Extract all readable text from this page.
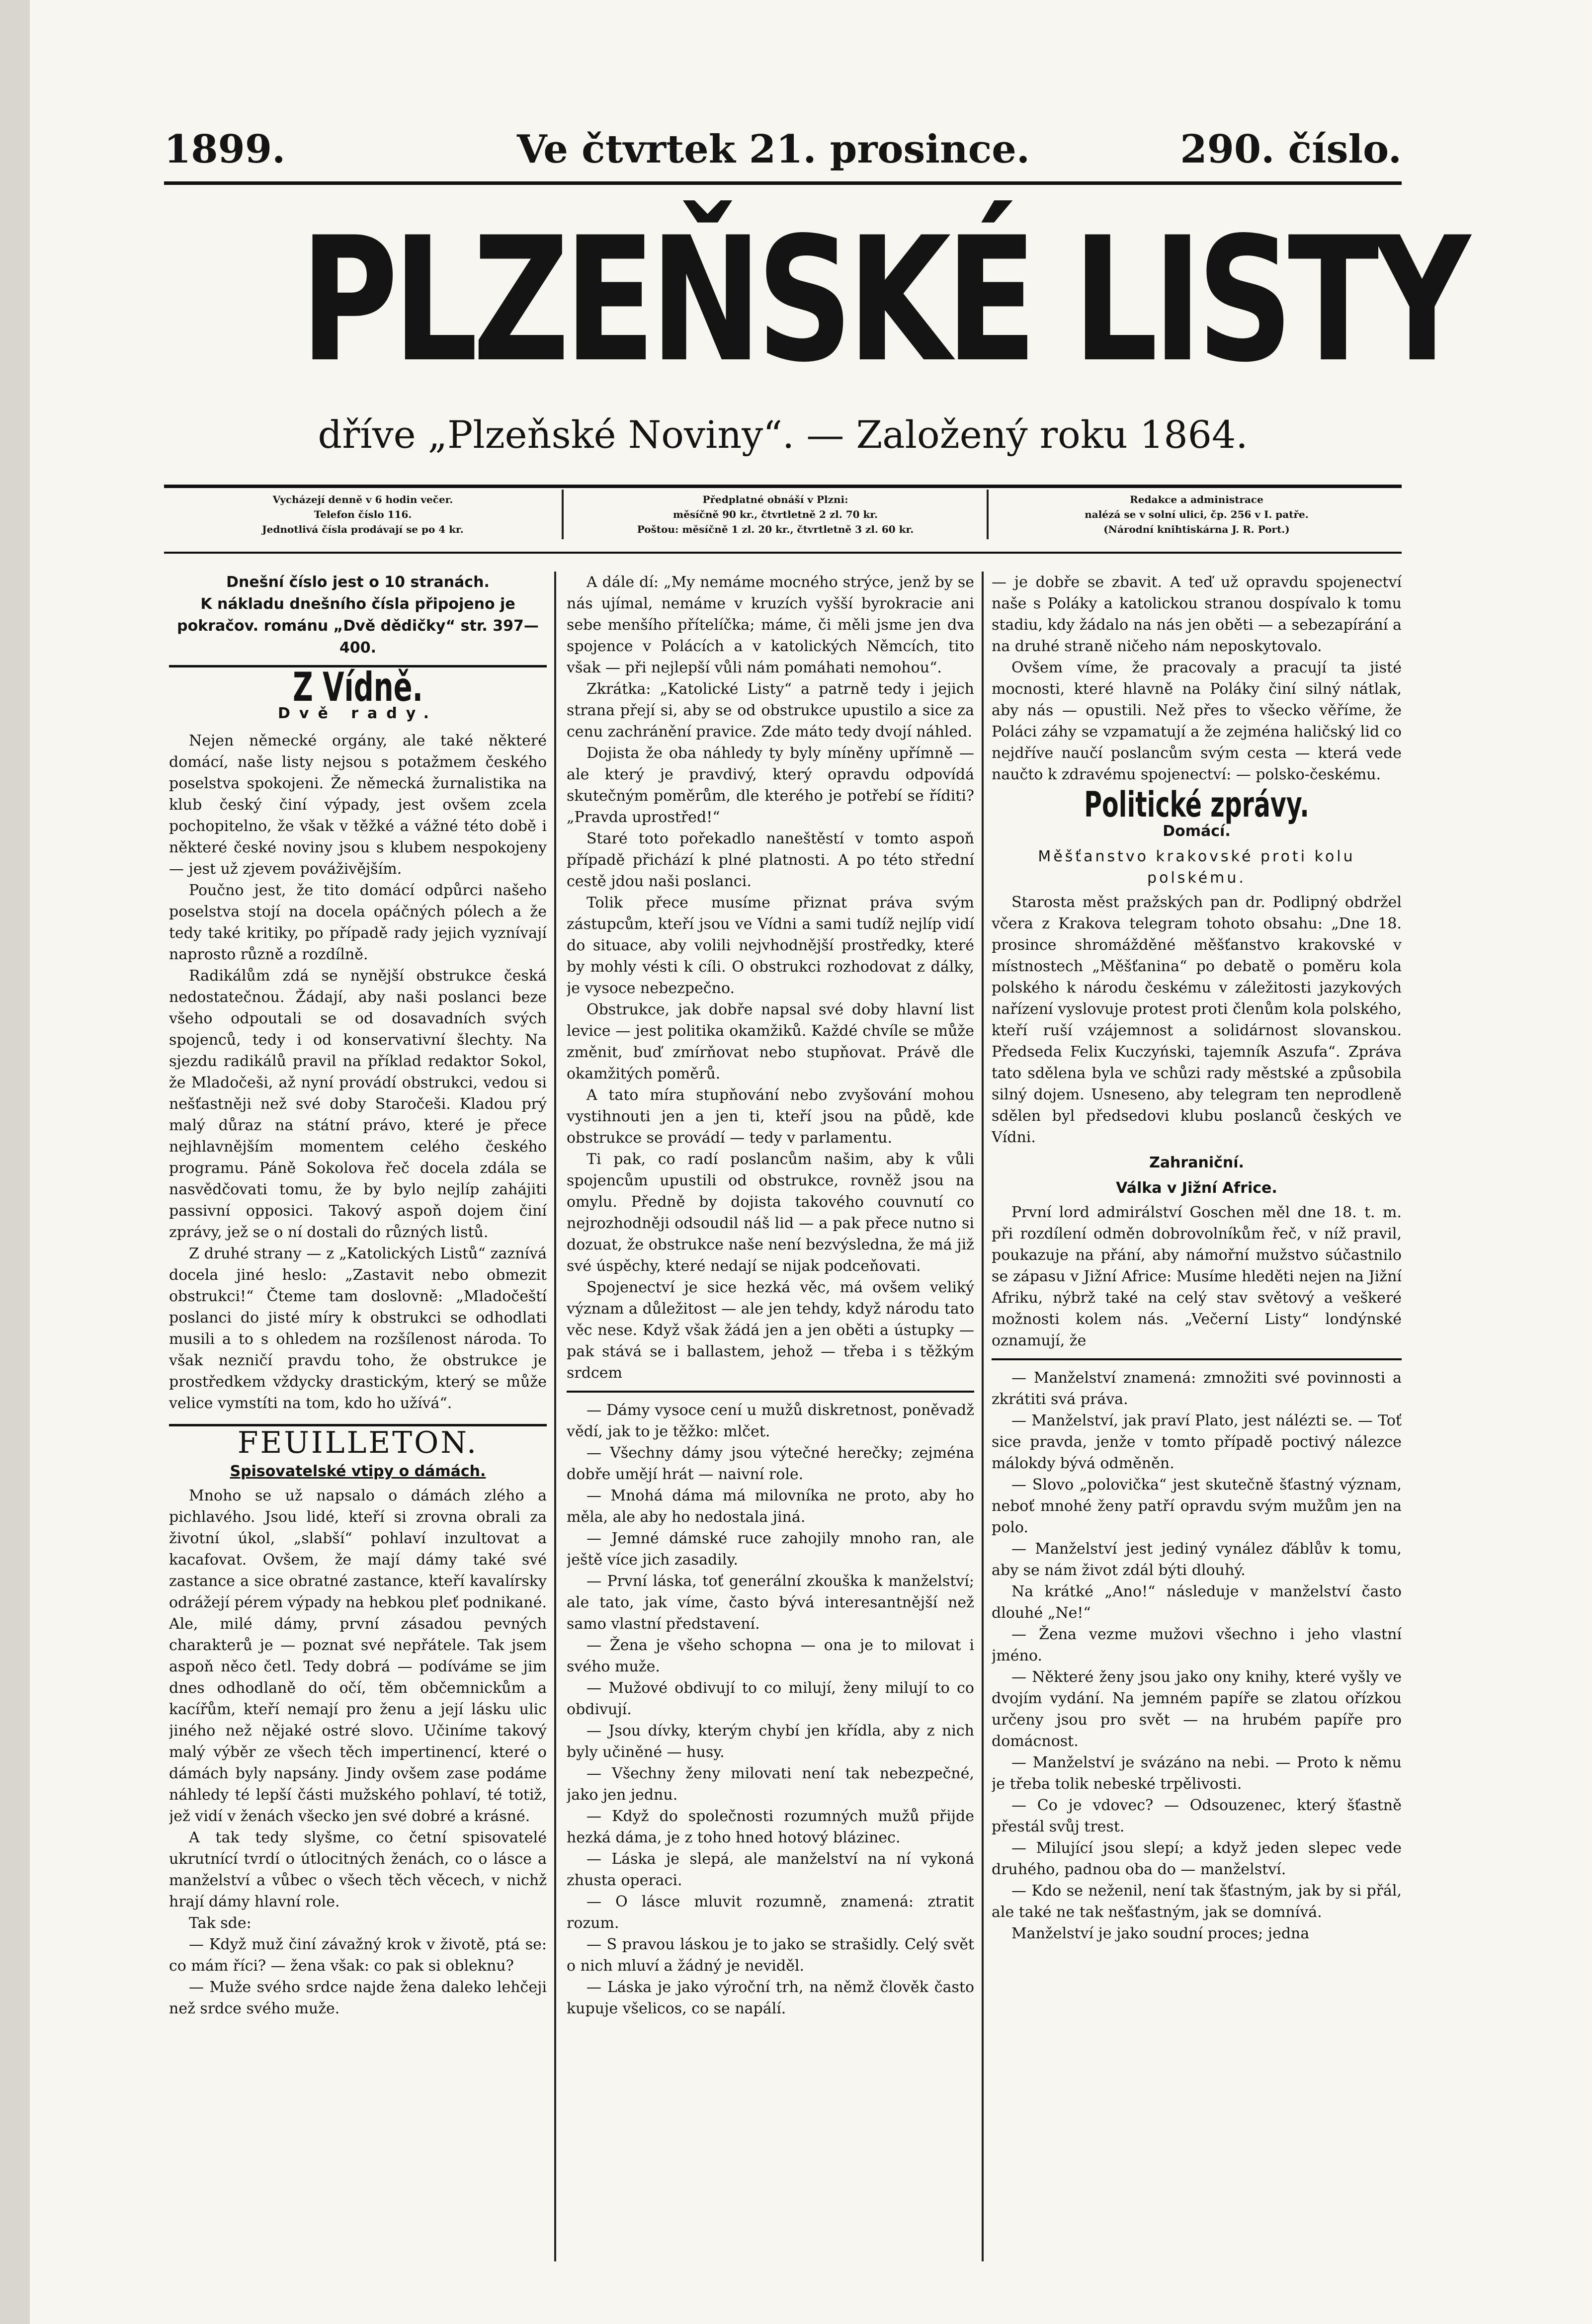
1899.	Ve čtvrtek 21. prosince.	290. číslo.
PLZEŇSKÉ LISTY
dříve „Plzeňské Noviny“. — Založený roku 1864.
Vycházejí denně v 6 hodin večer.
Telefon číslo 116.
Jednotlivá čísla prodávají se po 4 kr.
Předplatné obnáší v Plzni:
měsíčně 90 kr., čtvrtletně 2 zl. 70 kr.
Poštou: měsíčně 1 zl. 20 kr., čtvrtletně 3 zl. 60 kr.
Redakce a administrace
nalézá se v solní ulici, čp. 256 v I. patře.
(Národní knihtiskárna J. R. Port.)
Dnešní číslo jest o 10 stranách.
K nákladu dnešního čísla připojeno je pokračov. románu „Dvě dědičky“ str. 397—400.
Z Vídně.
Dvě rady.

Nejen německé orgány, ale také některé domácí, naše listy nejsou s potažmem českého poselstva spokojeni. Že německá žurnalistika na klub český činí výpady, jest ovšem zcela pochopitelno, že však v těžké a vážné této době i některé české noviny jsou s klubem nespokojeny — jest už zjevem pováživějším.

Poučno jest, že tito domácí odpůrci našeho poselstva stojí na docela opáčných pólech a že tedy také kritiky, po případě rady jejich vyznívají naprosto různě a rozdílně.

Radikálům zdá se nynější obstrukce česká nedostatečnou. Žádají, aby naši poslanci beze všeho odpoutali se od dosavadních svých spojenců, tedy i od konservativní šlechty. Na sjezdu radikálů pravil na příklad redaktor Sokol, že Mladočeši, až nyní provádí obstrukci, vedou si nešťastněji než své doby Staročeši. Kladou prý malý důraz na státní právo, které je přece nejhlavnějším momentem celého českého programu. Páně Sokolova řeč docela zdála se nasvědčovati tomu, že by bylo nejlíp zahájiti passivní opposici. Takový aspoň dojem činí zprávy, jež se o ní dostali do různých listů.

Z druhé strany — z „Katolických Listů“ zaznívá docela jiné heslo: „Zastavit nebo obmezit obstrukci!“ Čteme tam doslovně: „Mladočeští poslanci do jisté míry k obstrukci se odhodlati musili a to s ohledem na rozšílenost národa. To však nezničí pravdu toho, že obstrukce je prostředkem vždycky drastickým, který se může velice vymstíti na tom, kdo ho užívá“.

FEUILLETON.
Spisovatelské vtipy o dámách.

Mnoho se už napsalo o dámách zlého a pichlavého. Jsou lidé, kteří si zrovna obrali za životní úkol, „slabší“ pohlaví inzultovat a kacafovat. Ovšem, že mají dámy také své zastance a sice obratné zastance, kteří kavalírsky odrážejí pérem výpady na hebkou pleť podnikané. Ale, milé dámy, první zásadou pevných charakterů je — poznat své nepřátele. Tak jsem aspoň něco četl. Tedy dobrá — podíváme se jim dnes odhodlaně do očí, těm občemnickům a kacířům, kteří nemají pro ženu a její lásku ulic jiného než nějaké ostré slovo. Učiníme takový malý výběr ze všech těch impertinencí, které o dámách byly napsány. Jindy ovšem zase podáme náhledy té lepší části mužského pohlaví, té totiž, jež vidí v ženách všecko jen své dobré a krásné.

A tak tedy slyšme, co četní spisovatelé ukrutnící tvrdí o útlocitných ženách, co o lásce a manželství a vůbec o všech těch věcech, v nichž hrají dámy hlavní role.

Tak sde:

— Když muž činí závažný krok v životě, ptá se: co mám říci? — žena však: co pak si obleknu?

— Muže svého srdce najde žena daleko lehčeji než srdce svého muže.

A dále dí: „My nemáme mocného strýce, jenž by se nás ujímal, nemáme v kruzích vyšší byrokracie ani sebe menšího přítelíčka; máme, či měli jsme jen dva spojence v Polácích a v katolických Němcích, tito však — při nejlepší vůli nám pomáhati nemohou“.

Zkrátka: „Katolické Listy“ a patrně tedy i jejich strana přejí si, aby se od obstrukce upustilo a sice za cenu zachránění pravice. Zde máto tedy dvojí náhled.

Dojista že oba náhledy ty byly míněny upřímně — ale který je pravdivý, který opravdu odpovídá skutečným poměrům, dle kterého je potřebí se říditi? „Pravda uprostřed!“

Staré toto pořekadlo naneštěstí v tomto aspoň případě přichází k plné platnosti. A po této střední cestě jdou naši poslanci.

Tolik přece musíme přiznat práva svým zástupcům, kteří jsou ve Vídni a sami tudíž nejlíp vidí do situace, aby volili nejvhodnější prostředky, které by mohly vésti k cíli. O obstrukci rozhodovat z dálky, je vysoce nebezpečno.

Obstrukce, jak dobře napsal své doby hlavní list levice — jest politika okamžiků. Každé chvíle se může změnit, buď zmírňovat nebo stupňovat. Právě dle okamžitých poměrů.

A tato míra stupňování nebo zvyšování mohou vystihnouti jen a jen ti, kteří jsou na půdě, kde obstrukce se provádí — tedy v parlamentu.

Ti pak, co radí poslancům našim, aby k vůli spojencům upustili od obstrukce, rovněž jsou na omylu. Předně by dojista takového couvnutí co nejrozhodněji odsoudil náš lid — a pak přece nutno si dozuat, že obstrukce naše není bezvýsledna, že má již své úspěchy, které nedají se nijak podceňovati.

Spojenectví je sice hezká věc, má ovšem veliký význam a důležitost — ale jen tehdy, když národu tato věc nese. Když však žádá jen a jen oběti a ústupky — pak stává se i ballastem, jehož — třeba i s těžkým srdcem

— Dámy vysoce cení u mužů diskretnost, poněvadž vědí, jak to je těžko: mlčet.

— Všechny dámy jsou výtečné herečky; zejména dobře umějí hrát — naivní role.

— Mnohá dáma má milovníka ne proto, aby ho měla, ale aby ho nedostala jiná.

— Jemné dámské ruce zahojily mnoho ran, ale ještě více jich zasadily.

— První láska, toť generální zkouška k manželství; ale tato, jak víme, často bývá interesantnější než samo vlastní představení.

— Žena je všeho schopna — ona je to milovat i svého muže.

— Mužové obdivují to co milují, ženy milují to co obdivují.

— Jsou dívky, kterým chybí jen křídla, aby z nich byly učiněné — husy.

— Všechny ženy milovati není tak nebezpečné, jako jen jednu.

— Když do společnosti rozumných mužů přijde hezká dáma, je z toho hned hotový blázinec.

— Láska je slepá, ale manželství na ní vykoná zhusta operaci.

— O lásce mluvit rozumně, znamená: ztratit rozum.

— S pravou láskou je to jako se strašidly. Celý svět o nich mluví a žádný je neviděl.

— Láska je jako výroční trh, na němž člověk často kupuje všelicos, co se napálí.

— je dobře se zbavit. A teď už opravdu spojenectví naše s Poláky a katolickou stranou dospívalo k tomu stadiu, kdy žádalo na nás jen oběti — a sebezapírání a na druhé straně ničeho nám neposkytovalo.

Ovšem víme, že pracovaly a pracují ta jisté mocnosti, které hlavně na Poláky činí silný nátlak, aby nás — opustili. Než přes to všecko věříme, že Poláci záhy se vzpamatují a že zejména haličský lid co nejdříve naučí poslancům svým cesta — která vede naučto k zdravému spojenectví: — polsko-českému.

Politické zprávy.
Domácí.
Měšťanstvo krakovské proti kolu polskému.

Starosta měst pražských pan dr. Podlipný obdržel včera z Krakova telegram tohoto obsahu: „Dne 18. prosince shromážděné měšťanstvo krakovské v místnostech „Měšťanina“ po debatě o poměru kola polského k národu českému v záležitosti jazykových nařízení vyslovuje protest proti členům kola polského, kteří ruší vzájemnost a solidárnost slovanskou. Předseda Felix Kuczyński, tajemník Aszufa“. Zpráva tato sdělena byla ve schůzi rady městské a způsobila silný dojem. Usneseno, aby telegram ten neprodleně sdělen byl předsedovi klubu poslanců českých ve Vídni.

Zahraniční.
Válka v Jižní Africe.

První lord admirálství Goschen měl dne 18. t. m. při rozdílení odměn dobrovolníkům řeč, v níž pravil, poukazuje na přání, aby námořní mužstvo súčastnilo se zápasu v Jižní Africe: Musíme hleděti nejen na Jižní Afriku, nýbrž také na celý stav světový a veškeré možnosti kolem nás. „Večerní Listy“ londýnské oznamují, že

— Manželství znamená: zmnožiti své povinnosti a zkrátiti svá práva.

— Manželství, jak praví Plato, jest nálézti se. — Toť sice pravda, jenže v tomto případě poctivý nálezce málokdy bývá odměněn.

— Slovo „polovička“ jest skutečně šťastný význam, neboť mnohé ženy patří opravdu svým mužům jen na polo.

— Manželství jest jediný vynález ďáblův k tomu, aby se nám život zdál býti dlouhý.

Na krátké „Ano!“ následuje v manželství často dlouhé „Ne!“

— Žena vezme mužovi všechno i jeho vlastní jméno.

— Některé ženy jsou jako ony knihy, které vyšly ve dvojím vydání. Na jemném papíře se zlatou ořízkou určeny jsou pro svět — na hrubém papíře pro domácnost.

— Manželství je svázáno na nebi. — Proto k němu je třeba tolik nebeské trpělivosti.

— Co je vdovec? — Odsouzenec, který šťastně přestál svůj trest.

— Milující jsou slepí; a když jeden slepec vede druhého, padnou oba do — manželství.

— Kdo se neženil, není tak šťastným, jak by si přál, ale také ne tak nešťastným, jak se domnívá.

Manželství je jako soudní proces; jedna
